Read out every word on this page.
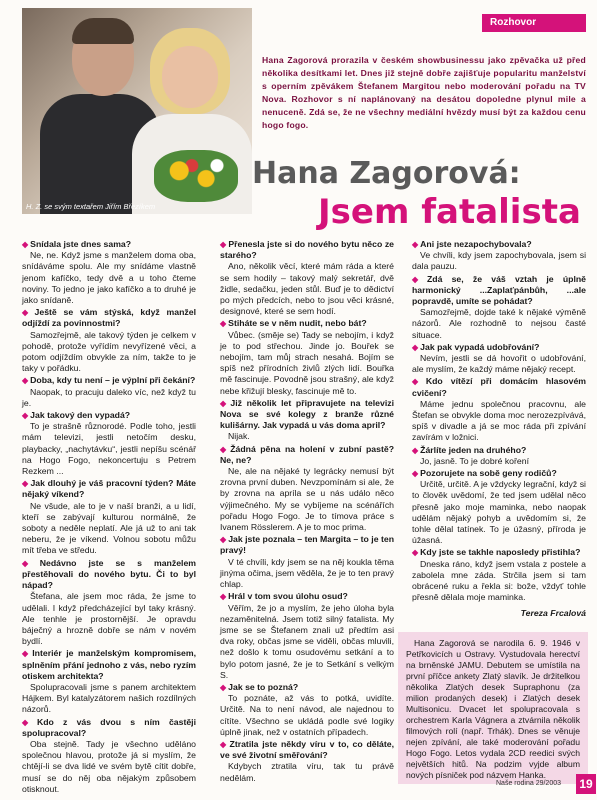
H. Z. se svým textařem Jiřím Březíkem
Rozhovor
Hana Zagorová prorazila v českém showbusinessu jako zpěvačka už před několika desítkami let. Dnes již stejně dobře zajišťuje popularitu manželství s operním zpěvákem Štefanem Margitou nebo moderování pořadu na TV Nova. Rozhovor s ní naplánovaný na desátou dopoledne plynul mile a nenuceně. Zdá se, že ne všechny mediální hvězdy musí být za každou cenu hogo fogo.
Hana Zagorová:
Jsem fatalista
◆ Snídala jste dnes sama?
Ne, ne. Když jsme s manželem doma oba, snídáváme spolu. Ale my snídáme vlastně jenom kafíčko, tedy dvě a u toho čteme noviny. To jedno je jako kafíčko a to druhé je jako snídaně.
◆ Ještě se vám stýská, když manžel odjíždí za povinnostmi?
Samozřejmě, ale takový týden je celkem v pohodě, protože vyřídím nevyřízené věci, a potom odjíždím obvykle za ním, takže to je taky v pořádku.
◆ Doba, kdy tu není – je výplní při čekání?
Naopak, to pracuju daleko víc, než když tu je.
◆ Jak takový den vypadá?
To je strašně různorodé. Podle toho, jestli mám televizi, jestli netočím desku, playbacky, „nachytávku“, jestli nepíšu scénář na Hogo Fogo, nekoncertuju s Petrem Rezkem ...
◆ Jak dlouhý je váš pracovní týden? Máte nějaký víkend?
Ne všude, ale to je v naší branži, a u lidí, kteří se zabývají kulturou normálně, že soboty a neděle neplatí. Ale já už to ani tak neberu, že je víkend. Volnou sobotu můžu mít třeba ve středu.
◆ Nedávno jste se s manželem přestěhovali do nového bytu. Či to byl nápad?
Štefana, ale jsem moc ráda, že jsme to udělali. I když předcházející byl taky krásný. Ale tenhle je prostornější. Je opravdu báječný a hrozně dobře se nám v novém bydlí.
◆ Interiér je manželským kompromisem, splněním přání jednoho z vás, nebo ryzím otiskem architekta?
Spolupracovali jsme s panem architektem Hájkem. Byl katalyzátorem našich rozdílných názorů.
◆ Kdo z vás dvou s ním častěji spolupracoval?
Oba stejně. Tady je všechno uděláno společnou hlavou, protože já si myslím, že chtějí-li se dva lidé ve svém bytě cítit dobře, musí se do něj oba nějakým způsobem otisknout.
◆ Přenesla jste si do nového bytu něco ze starého?
Ano, několik věcí, které mám ráda a které se sem hodily – takový malý sekretář, dvě židle, sedačku, jeden stůl. Buď je to dědictví po mých předcích, nebo to jsou věci krásné, designové, které se sem hodí.
◆ Stiháte se v něm nudit, nebo bát?
Vůbec. (směje se) Tady se nebojím, i když je to pod střechou. Jinde jo. Bouřek se nebojím, tam můj strach nesahá. Bojím se spíš než přírodních živlů zlých lidí. Bouřka mě fascinuje. Povodně jsou strašný, ale když nebe křižují blesky, fascinuje mě to.
◆ Již několik let připravujete na televizi Nova se své kolegy z branže různé kulišárny. Jak vypadá u vás doma april?
Nijak.
◆ Žádná pěna na holení v zubní pastě? Ne, ne?
Ne, ale na nějaké ty legrácky nemusí být zrovna první duben. Nevzpomínám si ale, že by zrovna na apríla se u nás událo něco výjimečného. My se vybíjeme na scénářích pořadu Hogo Fogo. Je to tímova práce s Ivanem Rösslerem. A je to moc prima.
◆ Jak jste poznala – ten Margita – to je ten pravý!
V té chvíli, kdy jsem se na něj koukla těma jinýma očima, jsem věděla, že je to ten pravý chlap.
◆ Hrál v tom svou úlohu osud?
Věřím, že jo a myslím, že jeho úloha byla nezaměnitelná. Jsem totiž silný fatalista. My jsme se se Štefanem znali už předtím asi dva roky, občas jsme se viděli, občas mluvili, než došlo k tomu osudovému setkání a to bylo potom jasné, že je to Setkání s velkým S.
◆ Jak se to pozná?
To poznáte, až vás to potká, uvidíte. Určitě. Na to není návod, ale najednou to cítíte. Všechno se ukládá podle své logiky úplně jinak, než v ostatních případech.
◆ Ztratila jste někdy víru v to, co děláte, ve své životní směřování?
Kdybych ztratila víru, tak tu právě nedělám.
◆ Ani jste nezapochybovala?
Ve chvíli, kdy jsem zapochybovala, jsem si dala pauzu.
◆ Zdá se, že váš vztah je úplně harmonický ...Zaplaťpánbůh, ...ale popravdě, umíte se pohádat?
Samozřejmě, dojde také k nějaké výměně názorů. Ale rozhodně to nejsou časté situace.
◆ Jak pak vypadá udobřování?
Nevím, jestli se dá hovořit o udobřování, ale myslím, že každý máme nějaký recept.
◆ Kdo vítězí při domácím hlasovém cvičení?
Máme jednu společnou pracovnu, ale Štefan se obvykle doma moc nerozezpívává, spíš v divadle a já se moc ráda při zpívání zavírám v ložnici.
◆ Žárlíte jeden na druhého?
Jo, jasně. To je dobré koření
◆ Pozorujete na sobě geny rodičů?
Určitě, určitě. A je vždycky legrační, když si to člověk uvědomí, že ted jsem udělal něco přesně jako moje maminka, nebo naopak udělám nějaký pohyb a uvědomím si, že tohle dělal tatínek. To je úžasný, příroda je úžasná.
◆ Kdy jste se takhle naposledy přistihla?
Dneska ráno, když jsem vstala z postele a zabolela mne záda. Strčila jsem si tam obrácené ruku a řekla si: bože, vždyť tohle přesně dělala moje maminka.
Tereza Frcalová
Hana Zagorová se narodila 6. 9. 1946 v Petřkovicích u Ostravy. Vystudovala herectví na brněnské JAMU. Debutem se umístila na první příčce ankety Zlatý slavík. Je držitelkou několika Zlatých desek Supraphonu (za milion prodaných desek) i Zlatých desek Multisonicu. Dvacet let spolupracovala s orchestrem Karla Vágnera a ztvárnila několik filmových rolí (např. Trhák). Dnes se věnuje nejen zpívání, ale také moderování pořadu Hogo Fogo. Letos vydala 2CD reedici svých největších hitů. Na podzim vyjde album nových písniček pod názvem Hanka.
Naše rodina 29/2003 19
